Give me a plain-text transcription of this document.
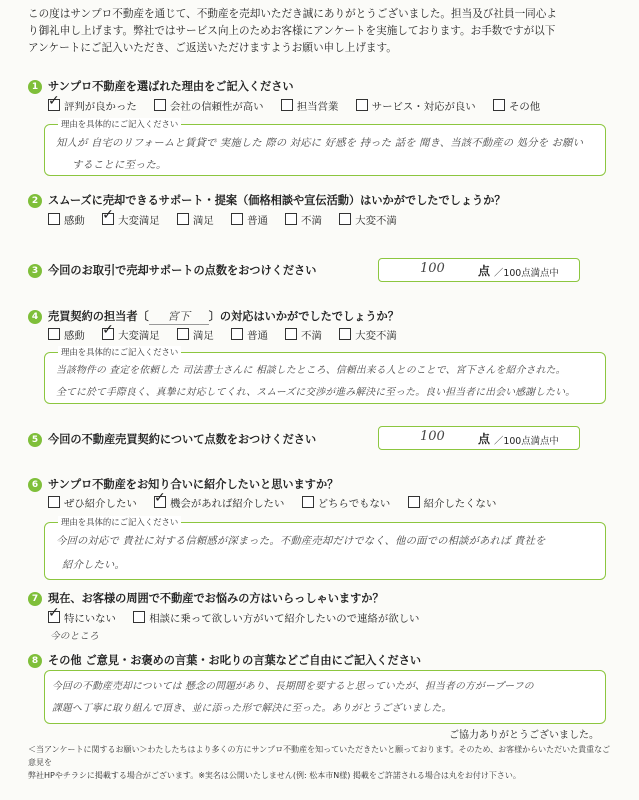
この度はサンプロ不動産を通じて、不動産を売却いただき誠にありがとうございました。担当及び社員一同心よ
り御礼申し上げます。弊社ではサービス向上のためお客様にアンケートを実施しております。お手数ですが以下
アンケートにご記入いただき、ご返送いただけますようお願い申し上げます。
1 サンプロ不動産を選ばれた理由をご記入ください
✓評判が良かった	会社の信頼性が高い	担当営業	サービス・対応が良い	その他
理由を具体的にご記入ください
知人が 自宅のリフォームと賃貸で 実施した 際の 対応に 好感を 持った 話を 聞き、当該不動産の 処分を お願い
することに至った。
2 スムーズに売却できるサポート・提案（価格相談や宣伝活動）はいかがでしたでしょうか？
感動 ✓	大変満足	満足	普通	不満	大変不満
3 今回のお取引で売却サポートの点数をおつけください	100	点 ／100点満点中
4 売買契約の担当者〔 宮下 〕の対応はいかがでしたでしょうか？
感動 ✓	大変満足	満足	普通	不満	大変不満
理由を具体的にご記入ください
当該物件の 査定を依頼した 司法書士さんに 相談したところ、信頼出来る人とのことで、宮下さんを紹介された。
全てに於て手際良く、真摯に対応してくれ、スムーズに交渉が進み解決に至った。良い担当者に出会い感謝したい。
5 今回の不動産売買契約について点数をおつけください	100	点 ／100点満点中
6 サンプロ不動産をお知り合いに紹介したいと思いますか？
ぜひ紹介したい ✓	機会があれば紹介したい	どちらでもない	紹介したくない
理由を具体的にご記入ください
今回の対応で 貴社に対する信頼感が深まった。不動産売却だけでなく、他の面での相談があれば 貴社を
紹介したい。
7 現在、お客様の周囲で不動産でお悩みの方はいらっしゃいますか？
✓特にいない	相談に乗って欲しい方がいて紹介したいので連絡が欲しい
今のところ
8 その他 ご意見・お褒めの言葉・お叱りの言葉などご自由にご記入ください
今回の不動産売却については 懸念の問題があり、長期間を要すると思っていたが、担当者の方がープーフの
課題へ丁寧に取り組んで頂き、並に添った形で解決に至った。ありがとうございました。
ご協力ありがとうございました。
＜当アンケートに関するお願い＞わたしたちはより多くの方にサンプロ不動産を知っていただきたいと願っております。そのため、お客様からいただいた貴重なご意見を
弊社HPやチラシに掲載する場合がございます。※実名は公開いたしません(例: 松本市N様) 掲載をご許諾される場合は丸をお付け下さい。
